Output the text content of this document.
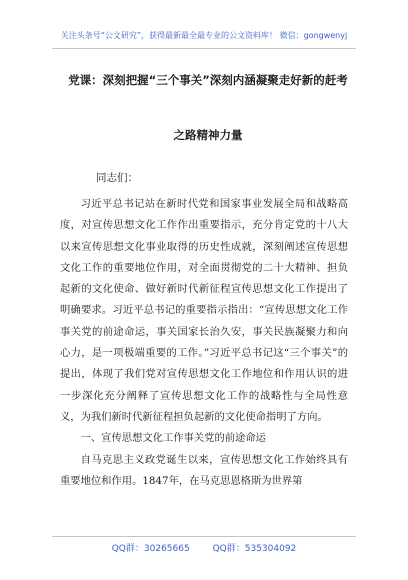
关注头条号“公文研究”，获得最新最全最专业的公文资料库！ 微信：gongwenyj
党课：深刻把握“三个事关”深刻内涵凝聚走好新的赶考
之路精神力量
同志们：

习近平总书记站在新时代党和国家事业发展全局和战略高度，对宣传思想文化工作作出重要指示，充分肯定党的十八大以来宣传思想文化事业取得的历史性成就，深刻阐述宣传思想文化工作的重要地位作用，对全面贯彻党的二十大精神、担负起新的文化使命、做好新时代新征程宣传思想文化工作提出了明确要求。习近平总书记的重要指示指出：“宣传思想文化工作事关党的前途命运，事关国家长治久安，事关民族凝聚力和向心力，是一项极端重要的工作。”习近平总书记这“三个事关”的提出，体现了我们党对宣传思想文化工作地位和作用认识的进一步深化充分阐释了宣传思想文化工作的战略性与全局性意义，为我们新时代新征程担负起新的文化使命指明了方向。

一、宣传思想文化工作事关党的前途命运

自马克思主义政党诞生以来，宣传思想文化工作始终具有重要地位和作用。1847年，在马克思恩格斯为世界第

QQ群：30265665	QQ群：535304092
